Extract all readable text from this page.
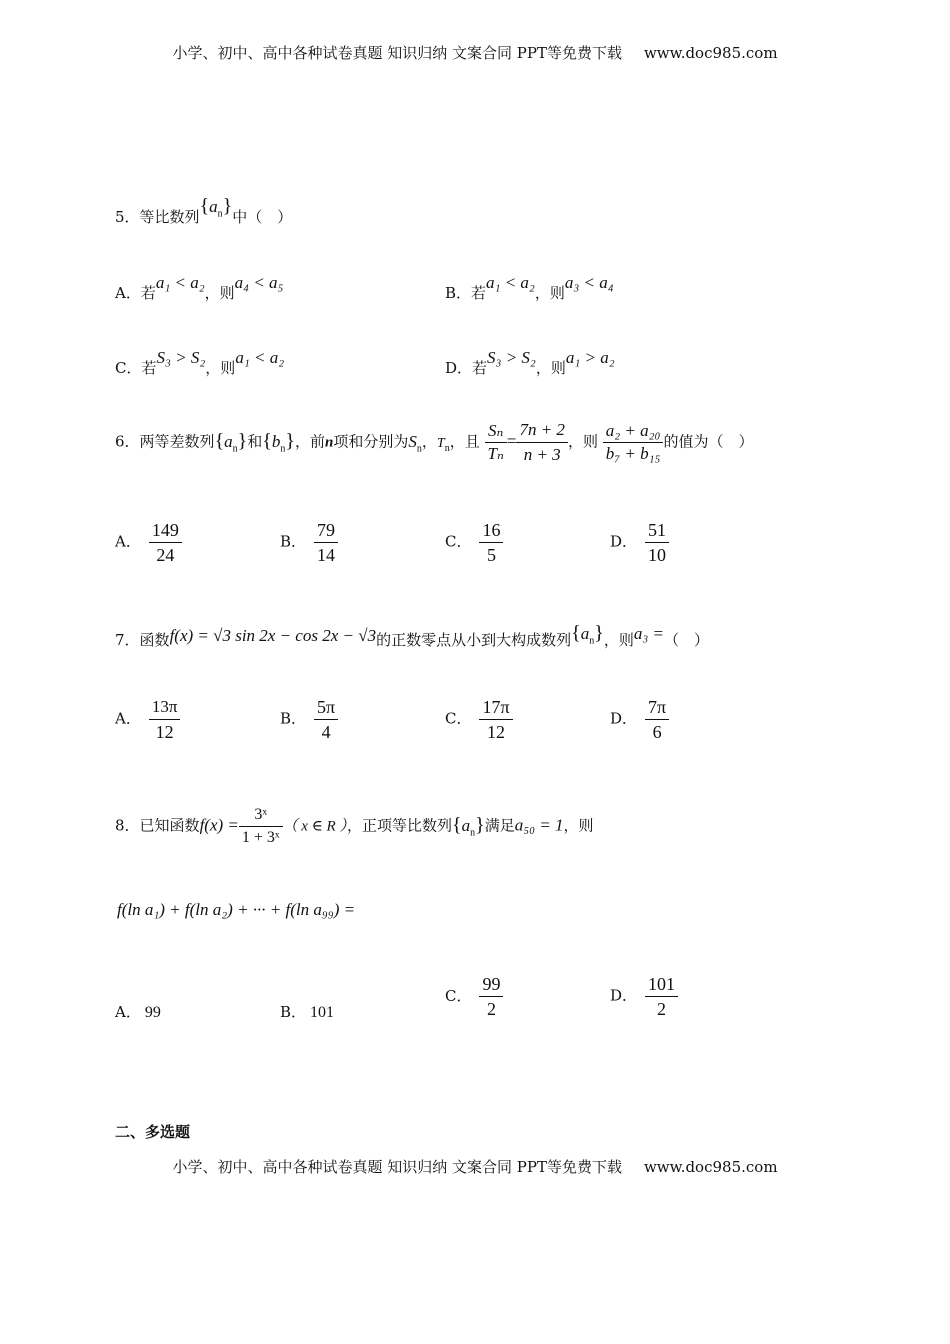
小学、初中、高中各种试卷真题 知识归纳 文案合同 PPT等免费下载 www.doc985.com
5．等比数列$\{a_n\}$中（　）
A．若a₁ < a₂，则a₄ < a₅
B．若a₁ < a₂，则a₃ < a₄
C．若S₃ > S₂，则a₁ < a₂
D．若S₃ > S₂，则a₁ > a₂
6．两等差数列$\{a_n\}$和$\{b_n\}$，前n项和分别为$S_n$，$T_n$，且 $\frac{\text{Sₙ}}{\text{Tₙ}} = \frac{7n + 2}{n + 3}$ ，则 $\frac{\text{a₂ + a₂₀}}{\text{b₇ + b₁₅}}$ 的值为（　）
A． $\frac{149}{24}$	B． $\frac{79}{14}$	C． $\frac{16}{5}$	D． $\frac{51}{10}$
7．函数f(x) = √3 sin 2x − cos 2x − √3的正数零点从小到大构成数列$\{a_n\}$，则a₃ =（　）
A． $\frac{13\pi}{12}$	B． $\frac{5\pi}{4}$	C． $\frac{17\pi}{12}$	D． $\frac{7\pi}{6}$
8．已知函数$f(x) = \frac{\text{3ˣ}}{\text{1 + 3ˣ}}$ （ x ∈ R ），正项等比数列$\{a_n\}$满足a₅₀ = 1，则
f(ln a₁) + f(ln a₂) + ··· + f(ln a₉₉) =
A． 99	B． 101
C． $\frac{99}{2}$	D． $\frac{101}{2}$
二、多选题
小学、初中、高中各种试卷真题 知识归纳 文案合同 PPT等免费下载 www.doc985.com
